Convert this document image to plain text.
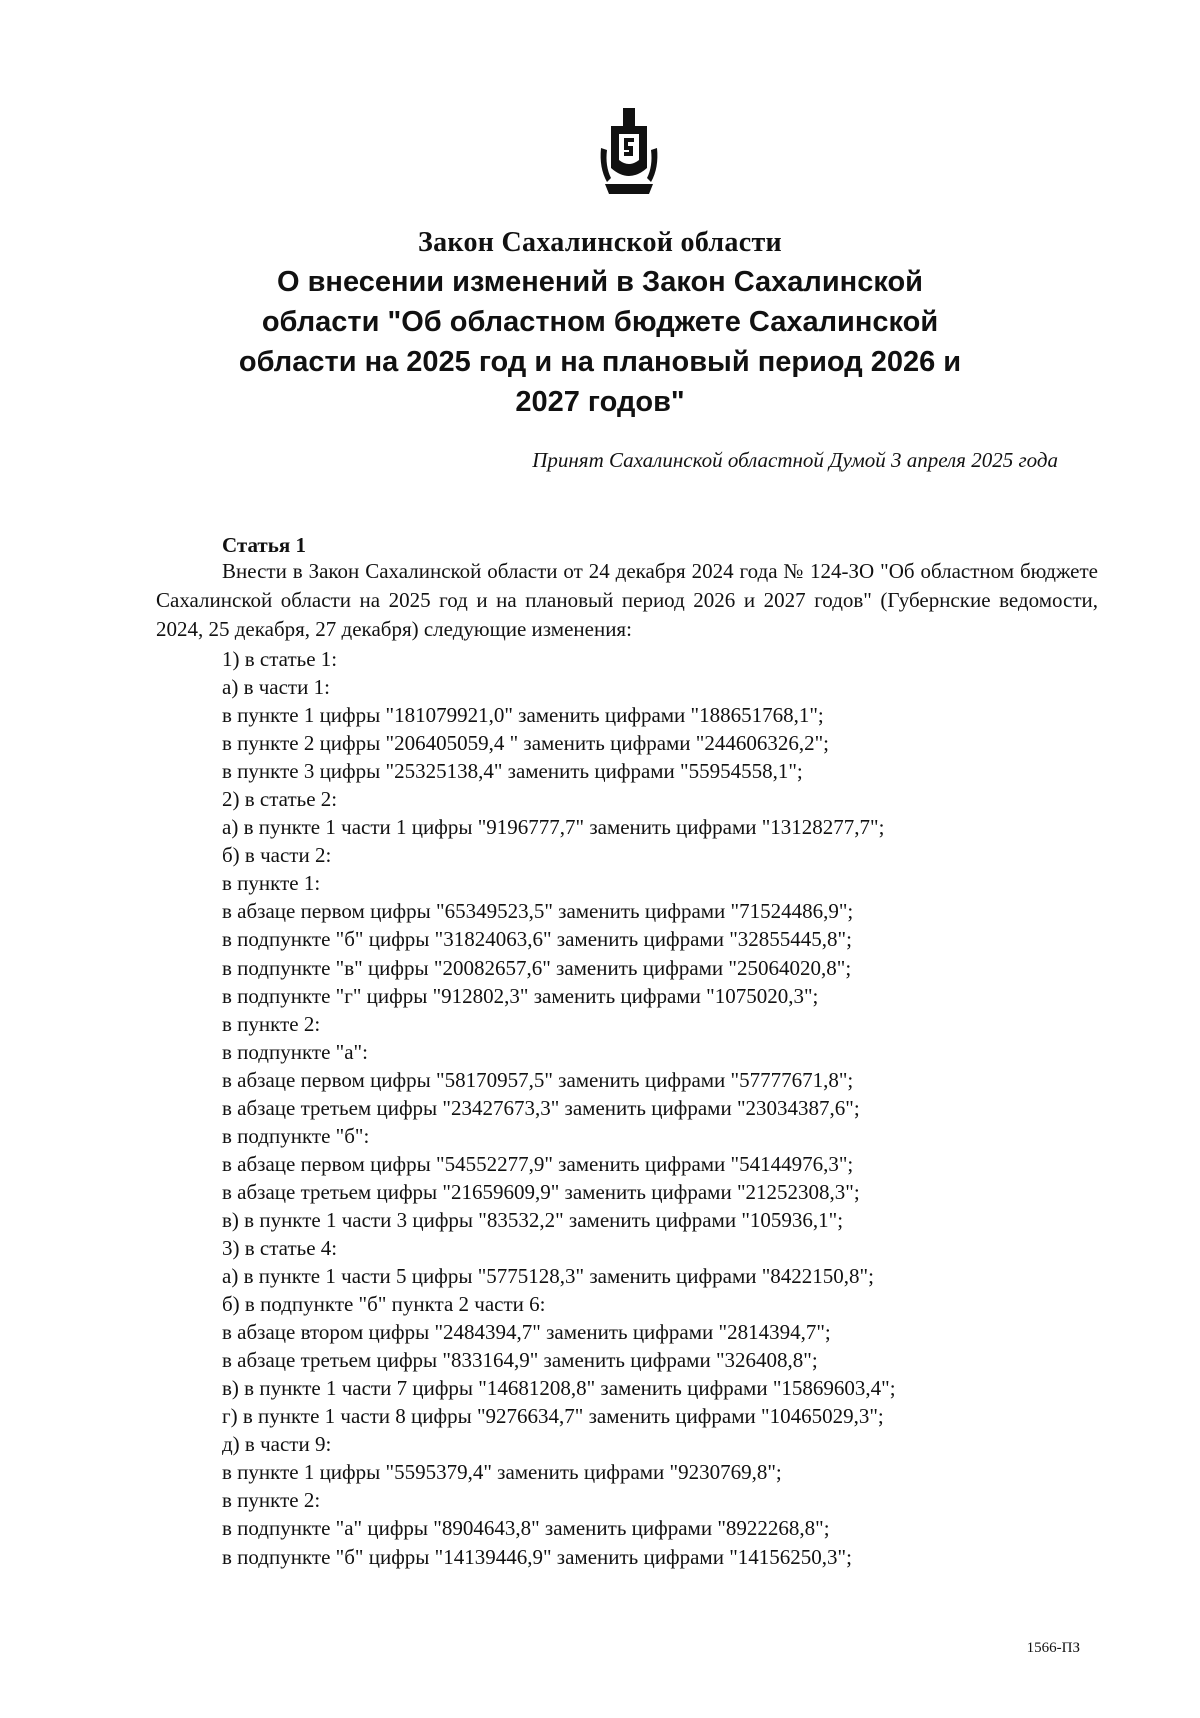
Закон Сахалинской области
О внесении изменений в Закон Сахалинской
области "Об областном бюджете Сахалинской
области на 2025 год и на плановый период 2026 и
2027 годов"
Принят Сахалинской областной Думой 3 апреля 2025 года
Статья 1
Внести в Закон Сахалинской области от 24 декабря 2024 года № 124-ЗО "Об областном бюджете Сахалинской области на 2025 год и на плановый период 2026 и 2027 годов" (Губернские ведомости, 2024, 25 декабря, 27 декабря) следующие изменения:
1) в статье 1:
а) в части 1:
в пункте 1 цифры "181079921,0" заменить цифрами "188651768,1";
в пункте 2 цифры "206405059,4 " заменить цифрами "244606326,2";
в пункте 3 цифры "25325138,4" заменить цифрами "55954558,1";
2) в статье 2:
а) в пункте 1 части 1 цифры "9196777,7" заменить цифрами "13128277,7";
б) в части 2:
в пункте 1:
в абзаце первом цифры "65349523,5" заменить цифрами "71524486,9";
в подпункте "б" цифры "31824063,6" заменить цифрами "32855445,8";
в подпункте "в" цифры "20082657,6" заменить цифрами "25064020,8";
в подпункте "г" цифры "912802,3" заменить цифрами "1075020,3";
в пункте 2:
в подпункте "а":
в абзаце первом цифры "58170957,5" заменить цифрами "57777671,8";
в абзаце третьем цифры "23427673,3" заменить цифрами "23034387,6";
в подпункте "б":
в абзаце первом цифры "54552277,9" заменить цифрами "54144976,3";
в абзаце третьем цифры "21659609,9" заменить цифрами "21252308,3";
в) в пункте 1 части 3 цифры "83532,2" заменить цифрами "105936,1";
3) в статье 4:
а) в пункте 1 части 5 цифры "5775128,3" заменить цифрами "8422150,8";
б) в подпункте "б" пункта 2 части 6:
в абзаце втором цифры "2484394,7" заменить цифрами "2814394,7";
в абзаце третьем цифры "833164,9" заменить цифрами "326408,8";
в) в пункте 1 части 7 цифры "14681208,8" заменить цифрами "15869603,4";
г) в пункте 1 части 8 цифры "9276634,7" заменить цифрами "10465029,3";
д) в части 9:
в пункте 1 цифры "5595379,4" заменить цифрами "9230769,8";
в пункте 2:
в подпункте "а" цифры "8904643,8" заменить цифрами "8922268,8";
в подпункте "б" цифры "14139446,9" заменить цифрами "14156250,3";
1566-ПЗ
